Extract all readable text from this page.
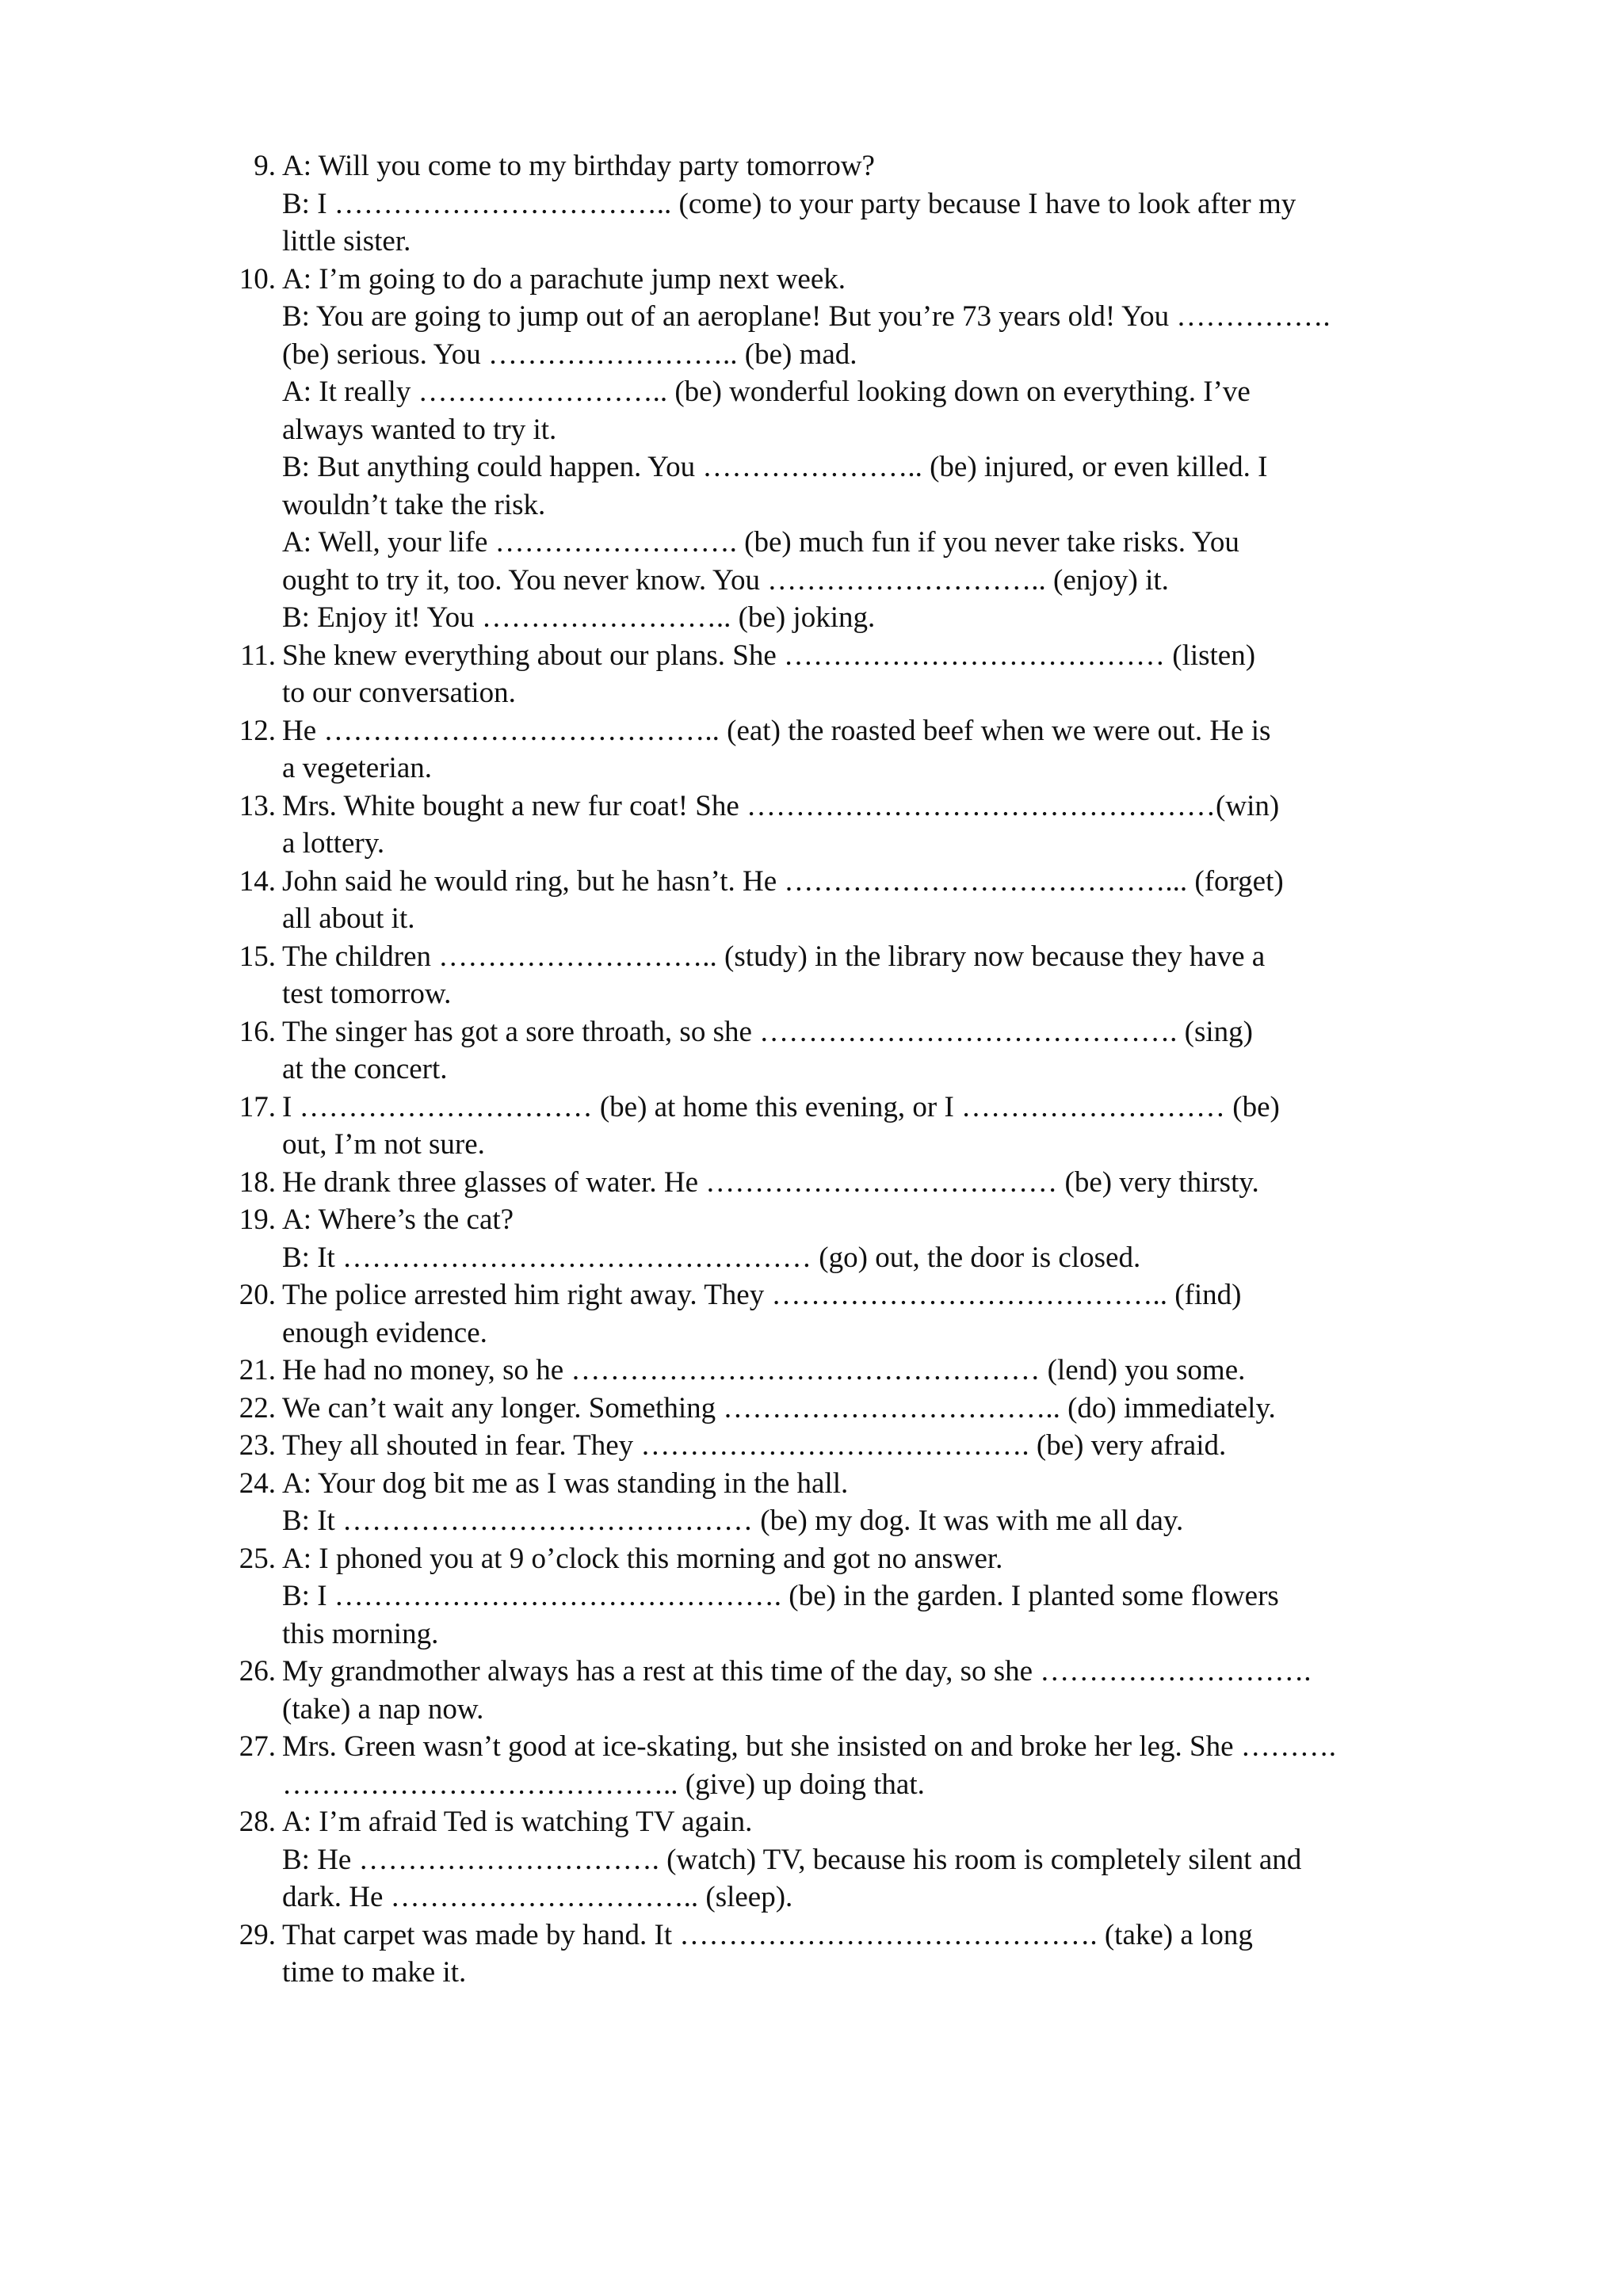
9. A: Will you come to my birthday party tomorrow?
B: I …………………………….. (come) to your party because I have to look after my
little sister.
10. A: I’m going to do a parachute jump next week.
B: You are going to jump out of an aeroplane! But you’re 73 years old! You …………….
(be) serious. You …………………….. (be) mad.
A: It really …………………….. (be) wonderful looking down on everything. I’ve
always wanted to try it.
B: But anything could happen. You ………………….. (be) injured, or even killed. I
wouldn’t take the risk.
A: Well, your life ……………………. (be) much fun if you never take risks. You
ought to try it, too. You never know. You ……………………….. (enjoy) it.
B: Enjoy it! You …………………….. (be) joking.
11. She knew everything about our plans. She ………………………………… (listen)
to our conversation.
12. He ………………………………….. (eat) the roasted beef when we were out. He is
a vegeterian.
13. Mrs. White bought a new fur coat! She …………………………………………(win)
a lottery.
14. John said he would ring, but he hasn’t. He …………………………………... (forget)
all about it.
15. The children ……………………….. (study) in the library now because they have a
test tomorrow.
16. The singer has got a sore throath, so she ……………………………………. (sing)
at the concert.
17. I ………………………… (be) at home this evening, or I ……………………… (be)
out, I’m not sure.
18. He drank three glasses of water. He ……………………………… (be) very thirsty.
19. A: Where’s the cat?
B: It ………………………………………… (go) out, the door is closed.
20. The police arrested him right away. They ………………………………….. (find)
enough evidence.
21. He had no money, so he ………………………………………… (lend) you some.
22. We can’t wait any longer. Something …………………………….. (do) immediately.
23. They all shouted in fear. They …………………………………. (be) very afraid.
24. A: Your dog bit me as I was standing in the hall.
B: It …………………………………… (be) my dog. It was with me all day.
25. A: I phoned you at 9 o’clock this morning and got no answer.
B: I ………………………………………. (be) in the garden. I planted some flowers
this morning.
26. My grandmother always has a rest at this time of the day, so she ……………………….
(take) a nap now.
27. Mrs. Green wasn’t good at ice-skating, but she insisted on and broke her leg. She ……….
………………………………….. (give) up doing that.
28. A: I’m afraid Ted is watching TV again.
B: He …………………………. (watch) TV, because his room is completely silent and
dark. He ………………………….. (sleep).
29. That carpet was made by hand. It ……………………………………. (take) a long
time to make it.
